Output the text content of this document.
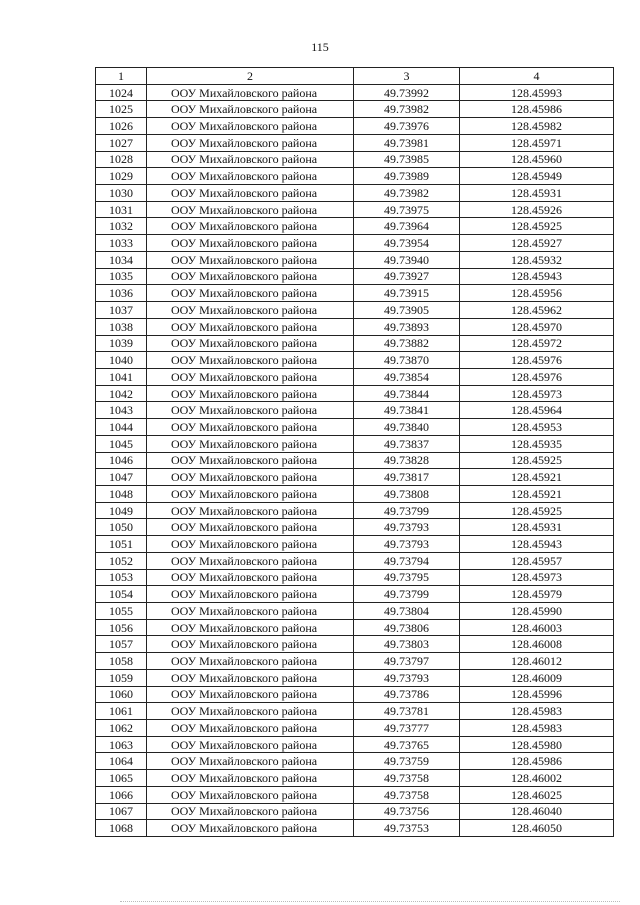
115
1	2	3	4
1024	ООУ Михайловского района	49.73992	128.45993
1025	ООУ Михайловского района	49.73982	128.45986
1026	ООУ Михайловского района	49.73976	128.45982
1027	ООУ Михайловского района	49.73981	128.45971
1028	ООУ Михайловского района	49.73985	128.45960
1029	ООУ Михайловского района	49.73989	128.45949
1030	ООУ Михайловского района	49.73982	128.45931
1031	ООУ Михайловского района	49.73975	128.45926
1032	ООУ Михайловского района	49.73964	128.45925
1033	ООУ Михайловского района	49.73954	128.45927
1034	ООУ Михайловского района	49.73940	128.45932
1035	ООУ Михайловского района	49.73927	128.45943
1036	ООУ Михайловского района	49.73915	128.45956
1037	ООУ Михайловского района	49.73905	128.45962
1038	ООУ Михайловского района	49.73893	128.45970
1039	ООУ Михайловского района	49.73882	128.45972
1040	ООУ Михайловского района	49.73870	128.45976
1041	ООУ Михайловского района	49.73854	128.45976
1042	ООУ Михайловского района	49.73844	128.45973
1043	ООУ Михайловского района	49.73841	128.45964
1044	ООУ Михайловского района	49.73840	128.45953
1045	ООУ Михайловского района	49.73837	128.45935
1046	ООУ Михайловского района	49.73828	128.45925
1047	ООУ Михайловского района	49.73817	128.45921
1048	ООУ Михайловского района	49.73808	128.45921
1049	ООУ Михайловского района	49.73799	128.45925
1050	ООУ Михайловского района	49.73793	128.45931
1051	ООУ Михайловского района	49.73793	128.45943
1052	ООУ Михайловского района	49.73794	128.45957
1053	ООУ Михайловского района	49.73795	128.45973
1054	ООУ Михайловского района	49.73799	128.45979
1055	ООУ Михайловского района	49.73804	128.45990
1056	ООУ Михайловского района	49.73806	128.46003
1057	ООУ Михайловского района	49.73803	128.46008
1058	ООУ Михайловского района	49.73797	128.46012
1059	ООУ Михайловского района	49.73793	128.46009
1060	ООУ Михайловского района	49.73786	128.45996
1061	ООУ Михайловского района	49.73781	128.45983
1062	ООУ Михайловского района	49.73777	128.45983
1063	ООУ Михайловского района	49.73765	128.45980
1064	ООУ Михайловского района	49.73759	128.45986
1065	ООУ Михайловского района	49.73758	128.46002
1066	ООУ Михайловского района	49.73758	128.46025
1067	ООУ Михайловского района	49.73756	128.46040
1068	ООУ Михайловского района	49.73753	128.46050
